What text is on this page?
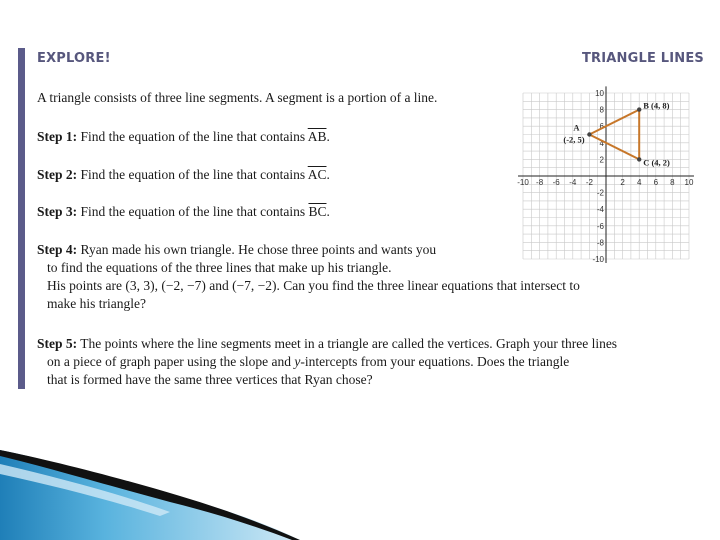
EXPLORE!	TRIANGLE LINES
A triangle consists of three line segments. A segment is a portion of a line.
Step 1: Find the equation of the line that contains $\overline{AB}$.
Step 2: Find the equation of the line that contains $\overline{AC}$.
Step 3: Find the equation of the line that contains $\overline{BC}$.
Step 4: Ryan made his own triangle. He chose three points and wants you
to find the equations of the three lines that make up his triangle.
His points are (3, 3), (−2, −7) and (−7, −2). Can you find the three linear equations that intersect to
make his triangle?
Step 5: The points where the line segments meet in a triangle are called the vertices. Graph your three lines
on a piece of graph paper using the slope and y-intercepts from your equations. Does the triangle
that is formed have the same three vertices that Ryan chose?
-10 -8 -6 -4 -2	2 4 6 8 10
10
8
6
4
2
-2
-4
-6
-8
-10
A
(-2, 5)
B (4, 8)
C (4, 2)
